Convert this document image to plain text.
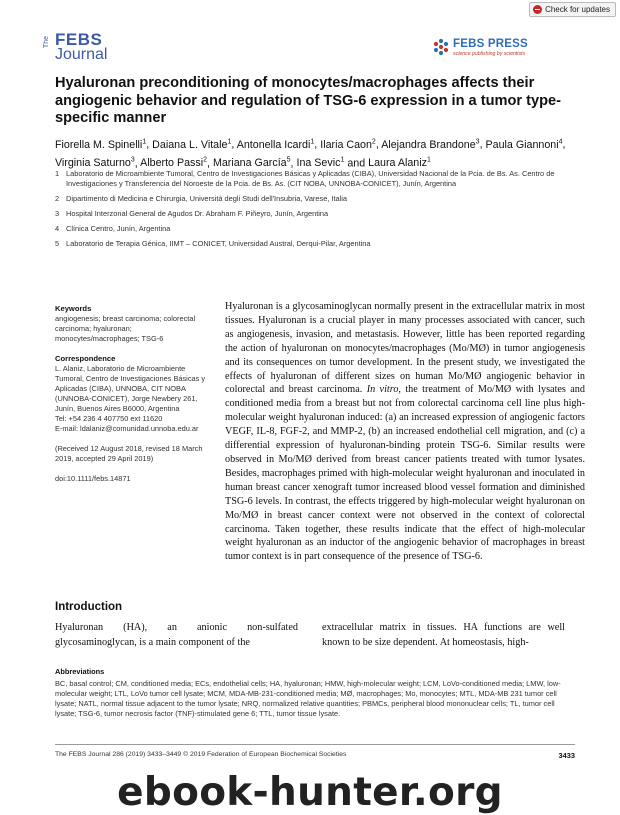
Check for updates
The FEBS
Journal
FEBS PRESS
science publishing by scientists
Hyaluronan preconditioning of monocytes/macrophages affects their angiogenic behavior and regulation of TSG-6 expression in a tumor type-specific manner
Fiorella M. Spinelli$^1$, Daiana L. Vitale$^1$, Antonella Icardi$^1$, Ilaria Caon$^2$, Alejandra Brandone$^3$, Paula Giannoni$^4$, Virginia Saturno$^3$, Alberto Passi$^2$, Mariana García$^5$, Ina Sevic$^1$ and Laura Alaniz$^1$
1 Laboratorio de Microambiente Tumoral, Centro de Investigaciones Básicas y Aplicadas (CIBA), Universidad Nacional de la Pcia. de Bs. As. Centro de Investigaciones y Transferencia del Noroeste de la Pcia. de Bs. As. (CIT NOBA, UNNOBA-CONICET), Junín, Argentina
2 Dipartimento di Medicina e Chirurgia, Università degli Studi dell'Insubria, Varese, Italia
3 Hospital Interzonal General de Agudos Dr. Abraham F. Piñeyro, Junín, Argentina
4 Clínica Centro, Junín, Argentina
5 Laboratorio de Terapia Génica, IIMT – CONICET, Universidad Austral, Derqui-Pilar, Argentina
Keywords
angiogenesis; breast carcinoma; colorectal carcinoma; hyaluronan; monocytes/macrophages; TSG-6
Correspondence
L. Alaniz, Laboratorio de Microambiente Tumoral, Centro de Investigaciones Básicas y Aplicadas (CIBA), UNNOBA, CIT NOBA (UNNOBA-CONICET), Jorge Newbery 261, Junín, Buenos Aires B6000, Argentina
Tel: +54 236 4 407750 ext 11620
E-mail: ldalaniz@comunidad.unnoba.edu.ar
(Received 12 August 2018, revised 18 March 2019, accepted 29 April 2019)
doi:10.1111/febs.14871
Hyaluronan is a glycosaminoglycan normally present in the extracellular matrix in most tissues. Hyaluronan is a crucial player in many processes associated with cancer, such as angiogenesis, invasion, and metastasis. However, little has been reported regarding the action of hyaluronan on monocytes/macrophages (Mo/MØ) in tumor angiogenesis and its consequences on tumor development. In the present study, we investigated the effects of hyaluronan of different sizes on human Mo/MØ angiogenic behavior in colorectal and breast carcinoma. In vitro, the treatment of Mo/MØ with lysates and conditioned media from a breast but not from colorectal carcinoma cell line plus high-molecular weight hyaluronan induced: (a) an increased expression of angiogenic factors VEGF, IL-8, FGF-2, and MMP-2, (b) an increased endothelial cell migration, and (c) a differential expression of hyaluronan-binding protein TSG-6. Similar results were observed in Mo/MØ derived from breast cancer patients treated with tumor lysates. Besides, macrophages primed with high-molecular weight hyaluronan and inoculated in human breast cancer xenograft tumor increased blood vessel formation and diminished TSG-6 levels. In contrast, the effects triggered by high-molecular weight hyaluronan on Mo/MØ in breast cancer context were not observed in the context of colorectal carcinoma. Taken together, these results indicate that the effect of high-molecular weight hyaluronan as an inductor of the angiogenic behavior of macrophages in breast tumor context is in part consequence of the presence of TSG-6.
Introduction
Hyaluronan (HA), an anionic non-sulfated glycosaminoglycan, is a main component of the
extracellular matrix in tissues. HA functions are well known to be size dependent. At homeostasis, high-
Abbreviations
BC, basal control; CM, conditioned media; ECs, endothelial cells; HA, hyaluronan; HMW, high-molecular weight; LCM, LoVo-conditioned media; LMW, low-molecular weight; LTL, LoVo tumor cell lysate; MCM, MDA-MB-231-conditioned media; MØ, macrophages; Mo, monocytes; MTL, MDA-MB 231 tumor cell lysate; NATL, normal tissue adjacent to the tumor lysate; NRQ, normalized relative quantities; PBMCs, peripheral blood mononuclear cells; TL, tumor cell lysate; TSG-6, tumor necrosis factor (TNF)-stimulated gene 6; TTL, tumor tissue lysate.
The FEBS Journal 286 (2019) 3433–3449 © 2019 Federation of European Biochemical Societies	3433
ebook-hunter.org
